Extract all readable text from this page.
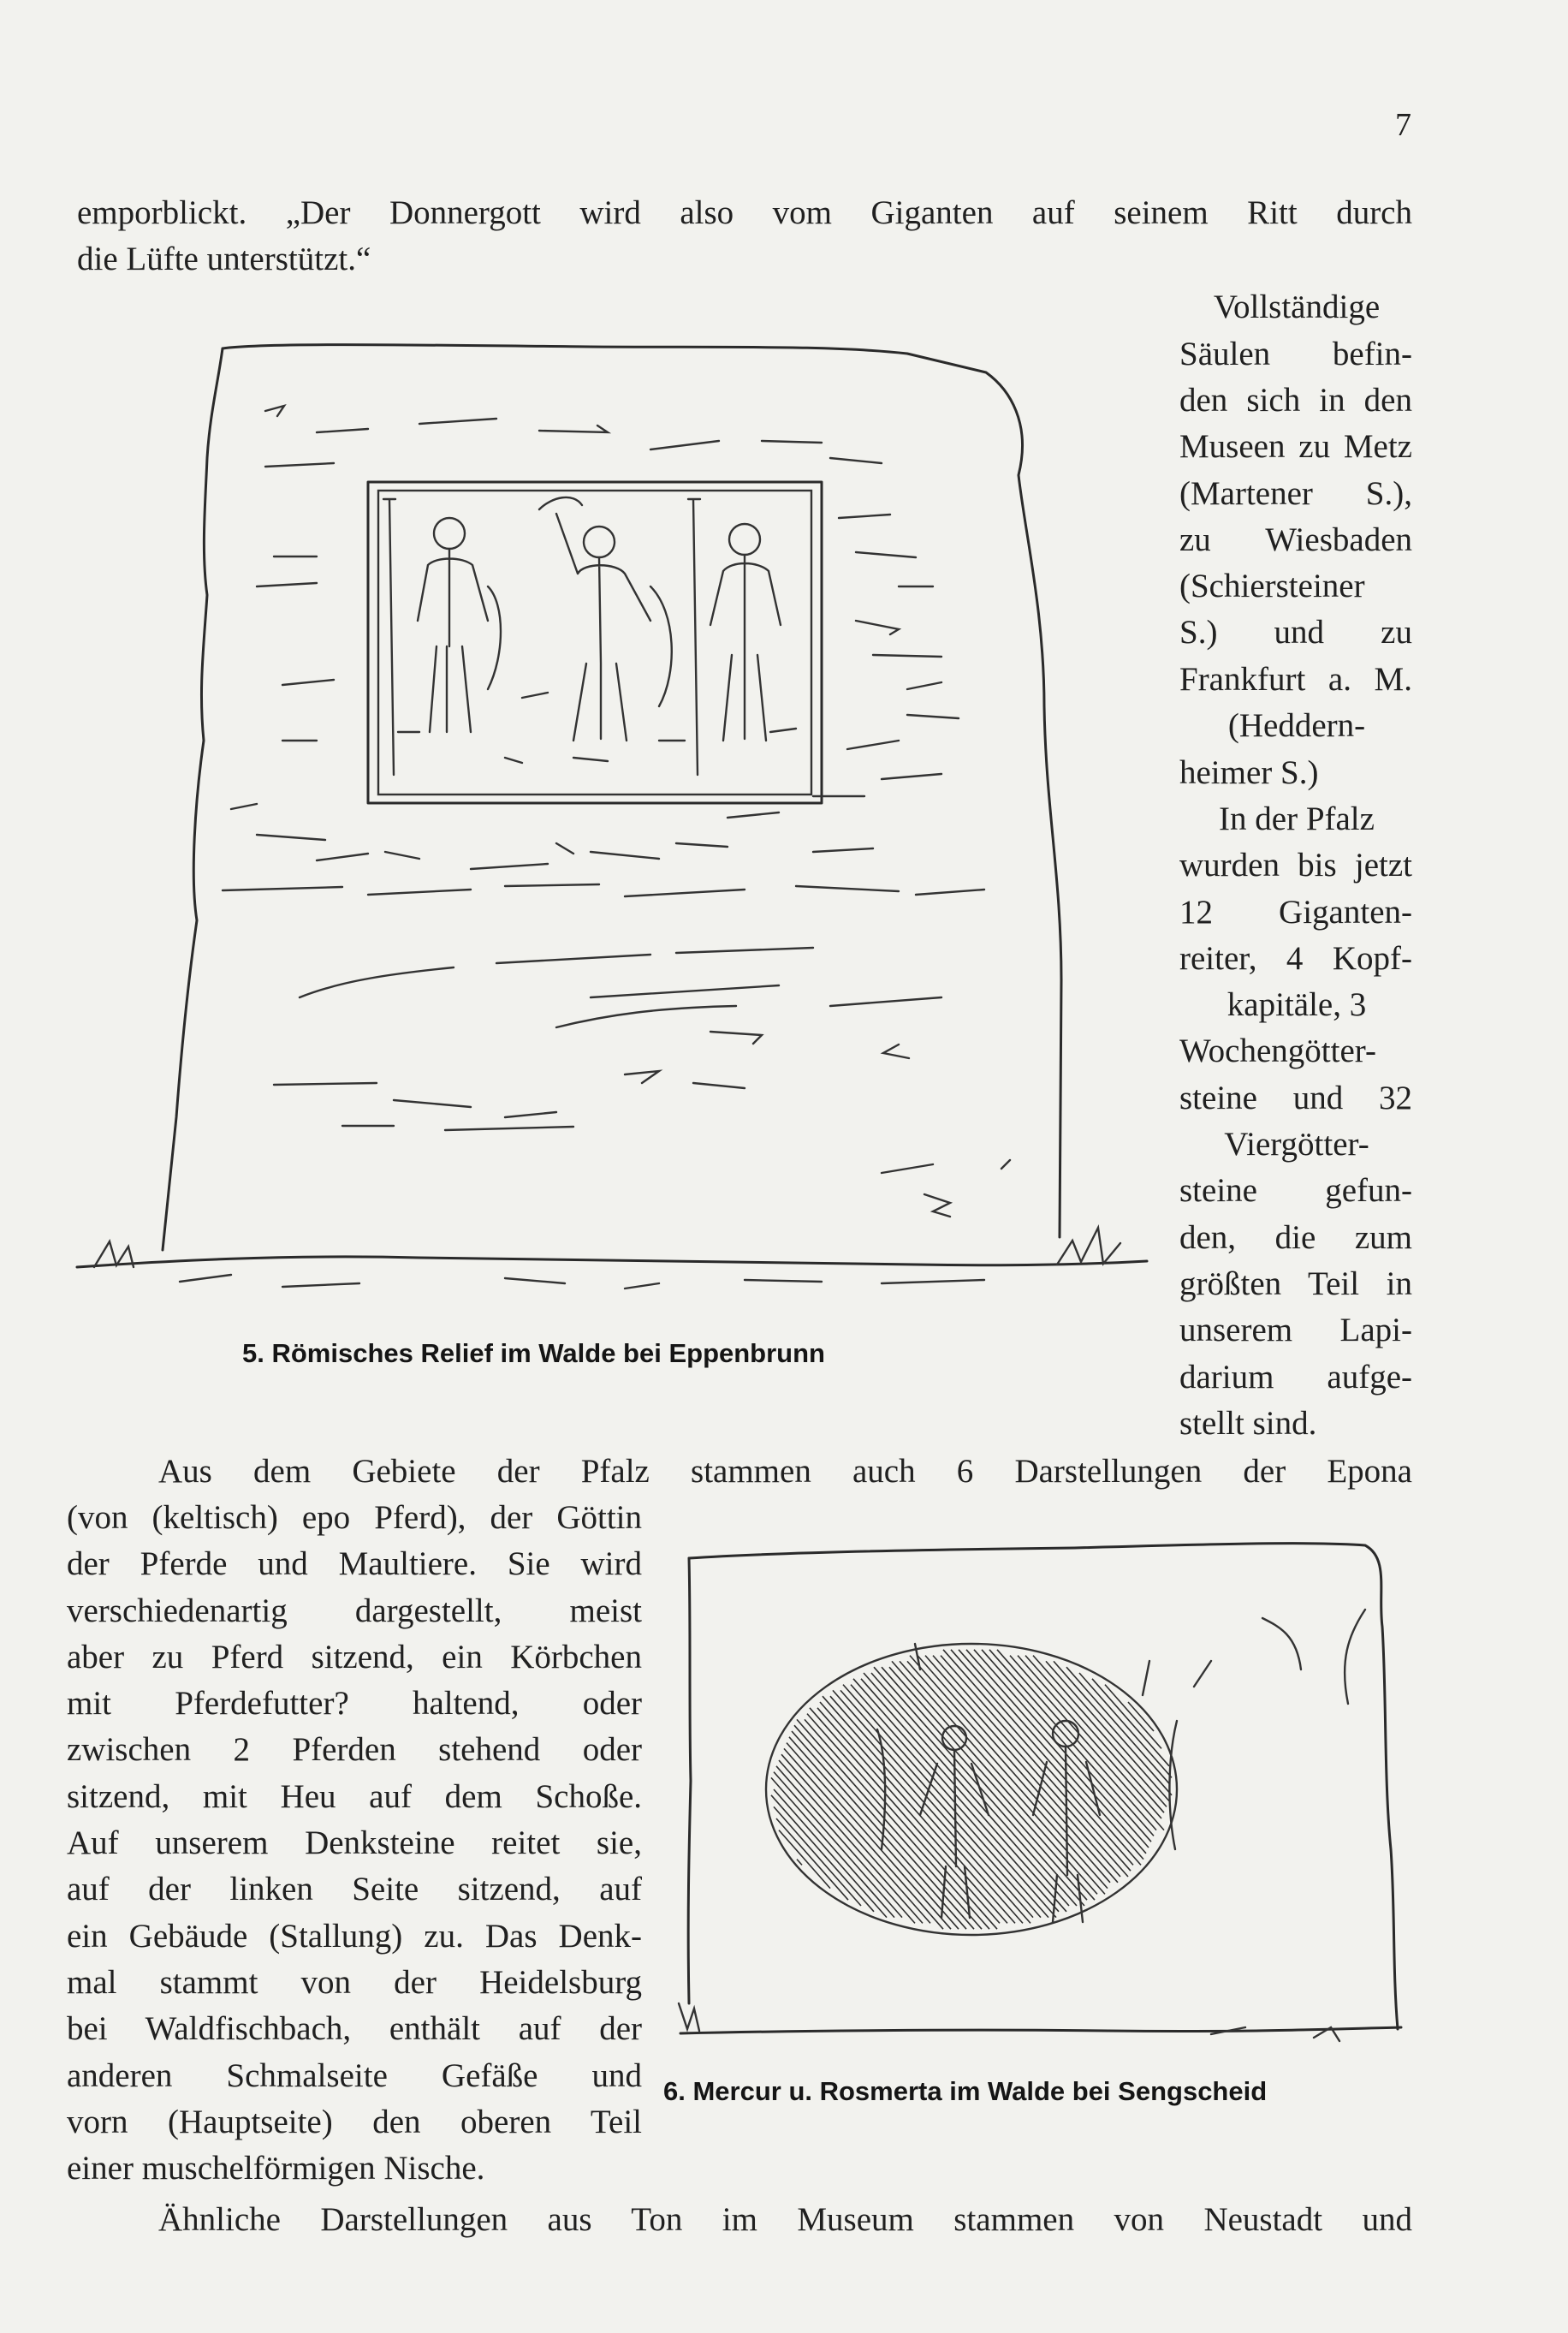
7
emporblickt. „Der Donnergott wird also vom Giganten auf seinem Ritt durch
die Lüfte unterstützt.“
Vollständige
Säulen befin-
den sich in den
Museen zu Metz
(Martener S.),
zu Wiesbaden
(Schiersteiner
S.) und zu
Frankfurt a. M.
(Heddern-
heimer S.)
In der Pfalz
wurden bis jetzt
12 Giganten-
reiter, 4 Kopf-
kapitäle, 3
Wochengötter-
steine und 32
Viergötter-
steine gefun-
den, die zum
größten Teil in
unserem Lapi-
darium aufge-
stellt sind.
5. Römisches Relief im Walde bei Eppenbrunn
Aus dem Gebiete der Pfalz stammen auch 6 Darstellungen der Epona
(von (keltisch) epo Pferd), der Göttin
der Pferde und Maultiere. Sie wird
verschiedenartig dargestellt, meist
aber zu Pferd sitzend, ein Körbchen
mit Pferdefutter? haltend, oder
zwischen 2 Pferden stehend oder
sitzend, mit Heu auf dem Schoße.
Auf unserem Denksteine reitet sie,
auf der linken Seite sitzend, auf
ein Gebäude (Stallung) zu. Das Denk-
mal stammt von der Heidelsburg
bei Waldfischbach, enthält auf der
anderen Schmalseite Gefäße und
vorn (Hauptseite) den oberen Teil
einer muschelförmigen Nische.
6. Mercur u. Rosmerta im Walde bei Sengscheid
Ähnliche Darstellungen aus Ton im Museum stammen von Neustadt und
